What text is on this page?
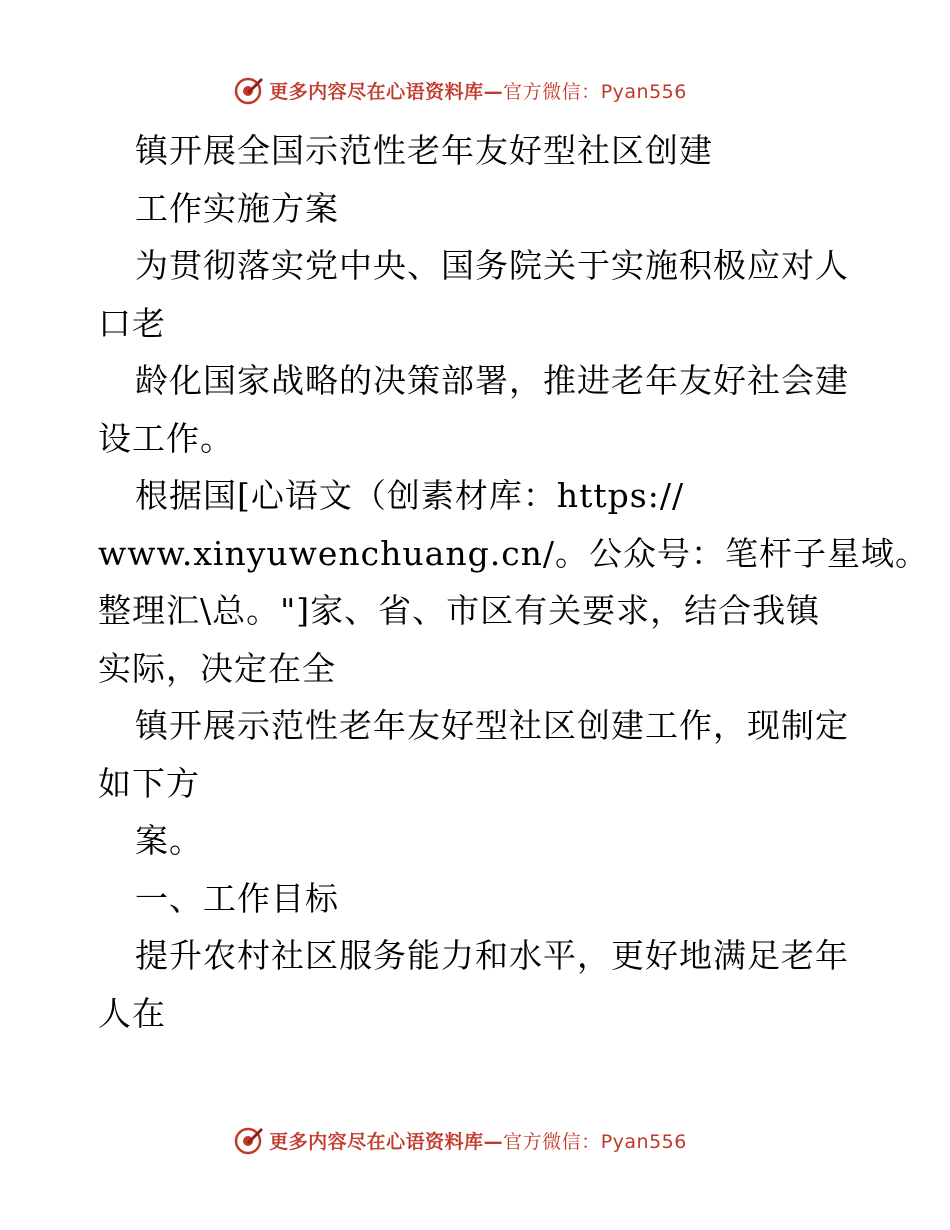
更多内容尽在心语资料库—官方微信：Pyan556
镇开展全国示范性老年友好型社区创建
工作实施方案
为贯彻落实党中央、国务院关于实施积极应对人
口老
龄化国家战略的决策部署，推进老年友好社会建
设工作。
根据国[心语文（创素材库：https://
www.xinyuwenchuang.cn/。公众号：笔杆子星域。
整理汇\总。"]家、省、市区有关要求，结合我镇
实际，决定在全
镇开展示范性老年友好型社区创建工作，现制定
如下方
案。
一、工作目标
提升农村社区服务能力和水平，更好地满足老年
人在
更多内容尽在心语资料库—官方微信：Pyan556
